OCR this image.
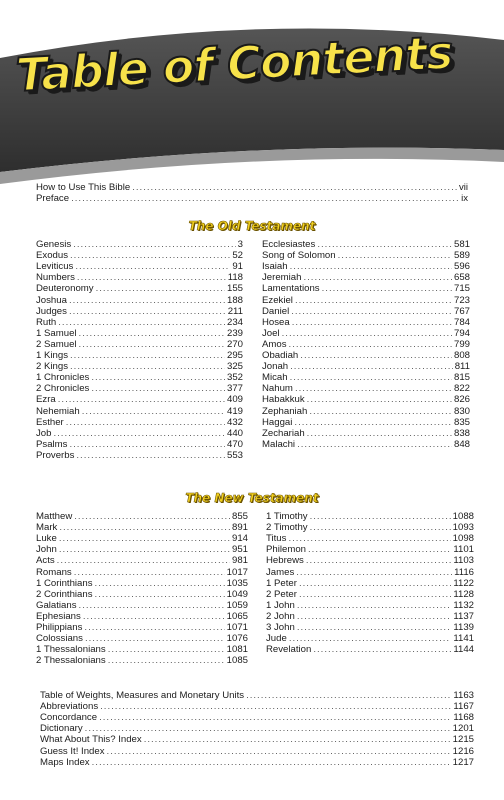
Table of Contents
How to Use This Bible .....	vii
Preface .....	ix
The Old Testament
Genesis .....	3
Exodus .....	52
Leviticus .....	91
Numbers .....	118
Deuteronomy .....	155
Joshua .....	188
Judges .....	211
Ruth .....	234
1 Samuel .....	239
2 Samuel .....	270
1 Kings .....	295
2 Kings .....	325
1 Chronicles .....	352
2 Chronicles .....	377
Ezra .....	409
Nehemiah .....	419
Esther .....	432
Job .....	440
Psalms .....	470
Proverbs .....	553
Ecclesiastes .....	581
Song of Solomon .....	589
Isaiah .....	596
Jeremiah .....	658
Lamentations .....	715
Ezekiel .....	723
Daniel .....	767
Hosea .....	784
Joel .....	794
Amos .....	799
Obadiah .....	808
Jonah .....	811
Micah .....	815
Nahum .....	822
Habakkuk .....	826
Zephaniah .....	830
Haggai .....	835
Zechariah .....	838
Malachi .....	848
The New Testament
Matthew .....	855
Mark .....	891
Luke .....	914
John .....	951
Acts .....	981
Romans .....	1017
1 Corinthians .....	1035
2 Corinthians .....	1049
Galatians .....	1059
Ephesians .....	1065
Philippians .....	1071
Colossians .....	1076
1 Thessalonians .....	1081
2 Thessalonians .....	1085
1 Timothy .....	1088
2 Timothy .....	1093
Titus .....	1098
Philemon .....	1101
Hebrews .....	1103
James .....	1116
1 Peter .....	1122
2 Peter .....	1128
1 John .....	1132
2 John .....	1137
3 John .....	1139
Jude .....	1141
Revelation .....	1144
Table of Weights, Measures and Monetary Units .....	1163
Abbreviations .....	1167
Concordance .....	1168
Dictionary .....	1201
What About This? Index .....	1215
Guess It! Index .....	1216
Maps Index .....	1217
